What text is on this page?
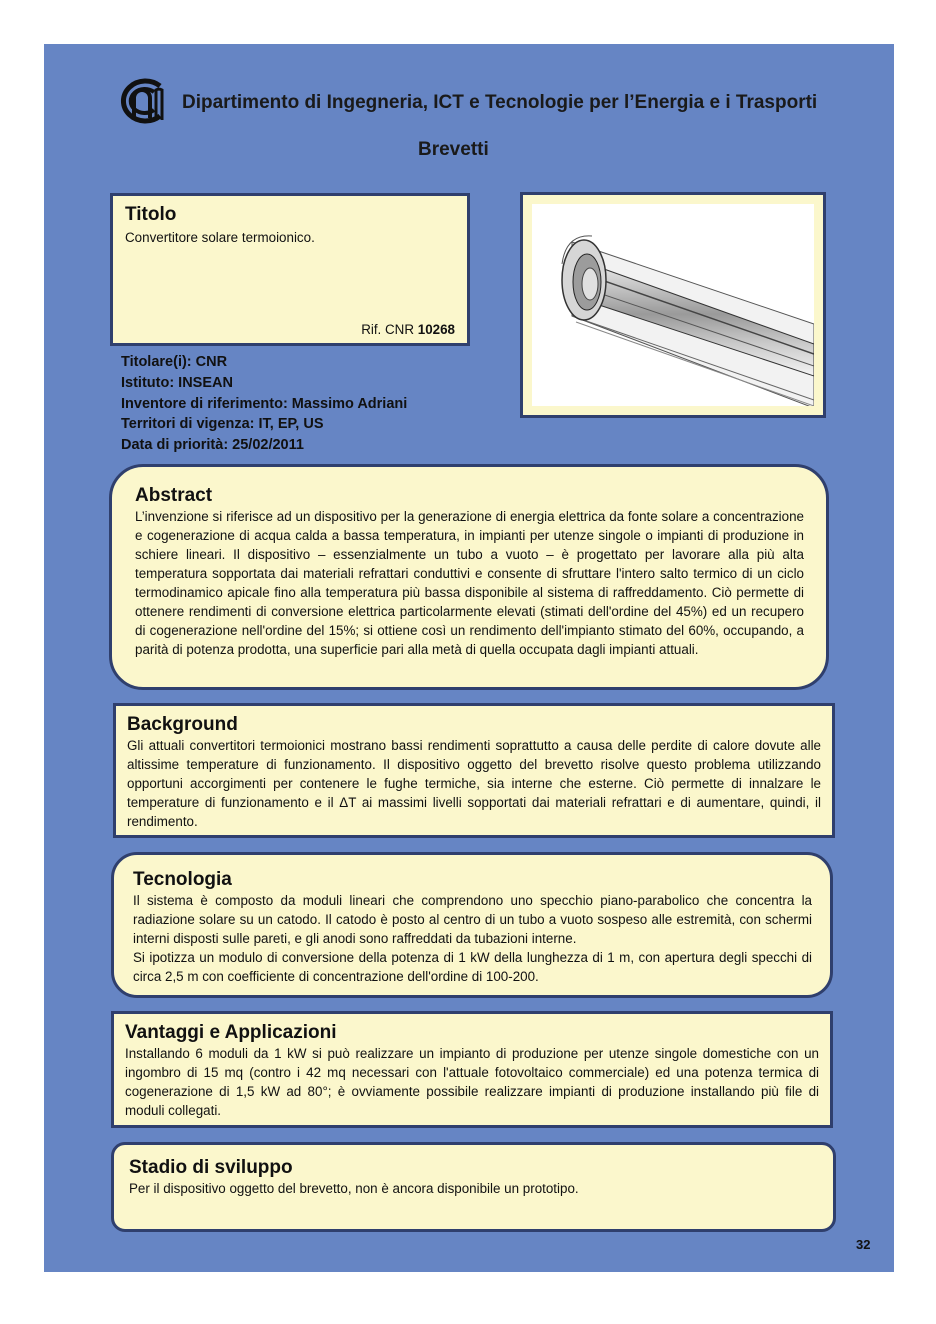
Dipartimento di Ingegneria, ICT e Tecnologie per l’Energia e i Trasporti
Brevetti
Titolo

Convertitore solare termoionico.

Rif. CNR 10268
Titolare(i): CNR
Istituto: INSEAN
Inventore di riferimento: Massimo Adriani
Territori di vigenza: IT, EP, US
Data di priorità: 25/02/2011
Abstract

L’invenzione si riferisce ad un dispositivo per la generazione di energia elettrica da fonte solare a concentrazione e cogenerazione di acqua calda a bassa temperatura, in impianti per utenze singole o impianti di produzione in schiere lineari. Il dispositivo – essenzialmente un tubo a vuoto – è progettato per lavorare alla più alta temperatura sopportata dai materiali refrattari conduttivi e consente di sfruttare l'intero salto termico di un ciclo termodinamico apicale fino alla temperatura più bassa disponibile al sistema di raffreddamento. Ciò permette di ottenere rendimenti di conversione elettrica particolarmente elevati (stimati dell'ordine del 45%) ed un recupero di cogenerazione nell'ordine del 15%; si ottiene così un rendimento dell'impianto stimato del 60%, occupando, a parità di potenza prodotta, una superficie pari alla metà di quella occupata dagli impianti attuali.

Background

Gli attuali convertitori termoionici mostrano bassi rendimenti soprattutto a causa delle perdite di calore dovute alle altissime temperature di funzionamento. Il dispositivo oggetto del brevetto risolve questo problema utilizzando opportuni accorgimenti per contenere le fughe termiche, sia interne che esterne. Ciò permette di innalzare le temperature di funzionamento e il ΔT ai massimi livelli sopportati dai materiali refrattari e di aumentare, quindi, il rendimento.

Tecnologia

Il sistema è composto da moduli lineari che comprendono uno specchio piano-parabolico che concentra la radiazione solare su un catodo. Il catodo è posto al centro di un tubo a vuoto sospeso alle estremità, con schermi interni disposti sulle pareti, e gli anodi sono raffreddati da tubazioni interne.

Si ipotizza un modulo di conversione della potenza di 1 kW della lunghezza di 1 m, con apertura degli specchi di circa 2,5 m con coefficiente di concentrazione dell'ordine di 100-200.

Vantaggi e Applicazioni

Installando 6 moduli da 1 kW si può realizzare un impianto di produzione per utenze singole domestiche con un ingombro di 15 mq (contro i 42 mq necessari con l'attuale fotovoltaico commerciale) ed una potenza termica di cogenerazione di 1,5 kW ad 80°; è ovviamente possibile realizzare impianti di produzione installando più file di moduli collegati.

Stadio di sviluppo

Per il dispositivo oggetto del brevetto, non è ancora disponibile un prototipo.

32
